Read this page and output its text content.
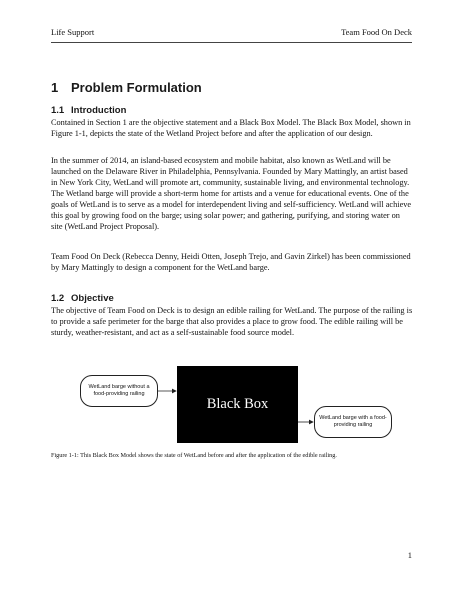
Life Support	Team Food On Deck
1 Problem Formulation
1.1 Introduction

Contained in Section 1 are the objective statement and a Black Box Model. The Black Box Model, shown in Figure 1-1, depicts the state of the Wetland Project before and after the application of our design.

In the summer of 2014, an island-based ecosystem and mobile habitat, also known as WetLand will be launched on the Delaware River in Philadelphia, Pennsylvania. Founded by Mary Mattingly, an artist based in New York City, WetLand will promote art, community, sustainable living, and environmental technology. The Wetland barge will provide a short-term home for artists and a venue for educational events. One of the goals of WetLand is to serve as a model for interdependent living and self-sufficiency. WetLand will achieve this goal by growing food on the barge; using solar power; and gathering, purifying, and storing water on site (WetLand Project Proposal).

Team Food On Deck (Rebecca Denny, Heidi Otten, Joseph Trejo, and Gavin Zirkel) has been commissioned by Mary Mattingly to design a component for the WetLand barge.

1.2 Objective

The objective of Team Food on Deck is to design an edible railing for WetLand. The purpose of the railing is to provide a safe perimeter for the barge that also provides a place to grow food. The edible railing will be sturdy, weather-resistant, and act as a self-sustainable food source model.

WetLand barge without a food-providing railing
Black Box
WetLand barge with a food-providing railing
Figure 1-1: This Black Box Model shows the state of WetLand before and after the application of the edible railing.
1
